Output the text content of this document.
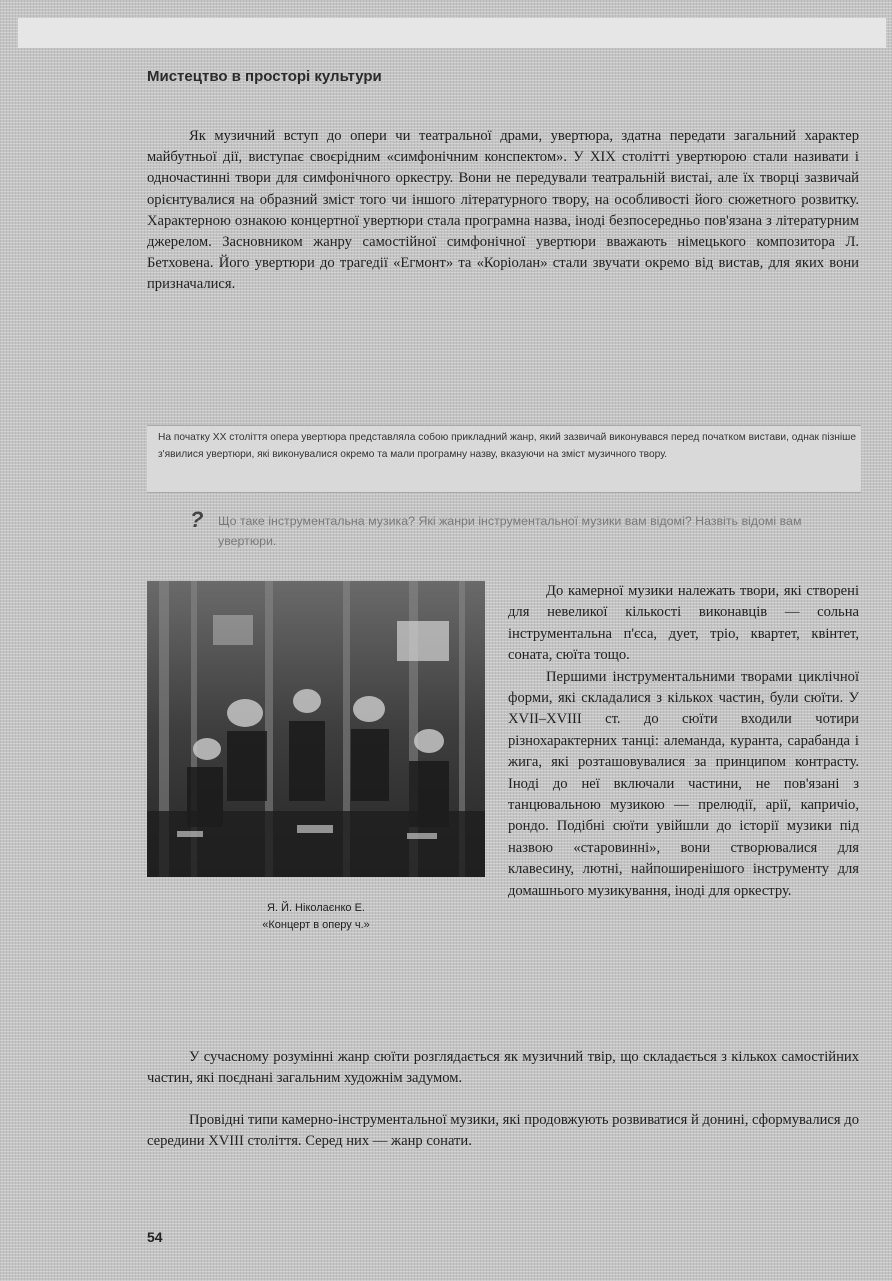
Мистецтво в просторі культури

Як музичний вступ до опери чи театральної драми, увертюра, здатна передати загальний характер майбутньої дії, виступає своєрідним «симфонічним конспектом». У XIX столітті увертюрою стали називати і одночастинні твори для симфонічного оркестру. Вони не передували театральній вистаі, але їх творці зазвичай орієнтувалися на образний зміст того чи іншого літературного твору, на особливості його сюжетного розвитку. Характерною ознакою концертної увертюри стала програмна назва, іноді безпосередньо пов'язана з літературним джерелом. Засновником жанру самостійної симфонічної увертюри вважають німецького композитора Л. Бетховена. Його увертюри до трагедії «Егмонт» та «Коріолан» стали звучати окремо від вистав, для яких вони призначалися.

На початку XX століття опера увертюра представляла собою прикладний жанр, який зазвичай виконувався перед початком вистави, однак пізніше з'явилися увертюри, які виконувалися окремо та мали програмну назву, вказуючи на зміст музичного твору.

? Що таке інструментальна музика? Які жанри інструментальної музики вам відомі? Назвіть відомі вам увертюри.

Я. Й. Ніколаєнко Е.
«Концерт в оперу ч.»

До камерної музики належать твори, які створені для невеликої кількості виконавців — сольна інструментальна п'єса, дует, тріо, квартет, квінтет, соната, сюїта тощо.

Першими інструментальними творами циклічної форми, які складалися з кількох частин, були сюїти. У XVII–XVIII ст. до сюїти входили чотири різнохарактерних танці: алеманда, куранта, сарабанда і жига, які розташовувалися за принципом контрасту. Іноді до неї включали частини, не пов'язані з танцювальною музикою — прелюдії, арії, капричіо, рондо. Подібні сюїти увійшли до історії музики під назвою «старовинні», вони створювалися для клавесину, лютні, найпоширенішого інструменту для домашнього музикування, іноді для оркестру.

У сучасному розумінні жанр сюїти розглядається як музичний твір, що складається з кількох самостійних частин, які поєднані загальним художнім задумом.

Провідні типи камерно-інструментальної музики, які продовжують розвиватися й донині, сформувалися до середини XVIII століття. Серед них — жанр сонати.

54
